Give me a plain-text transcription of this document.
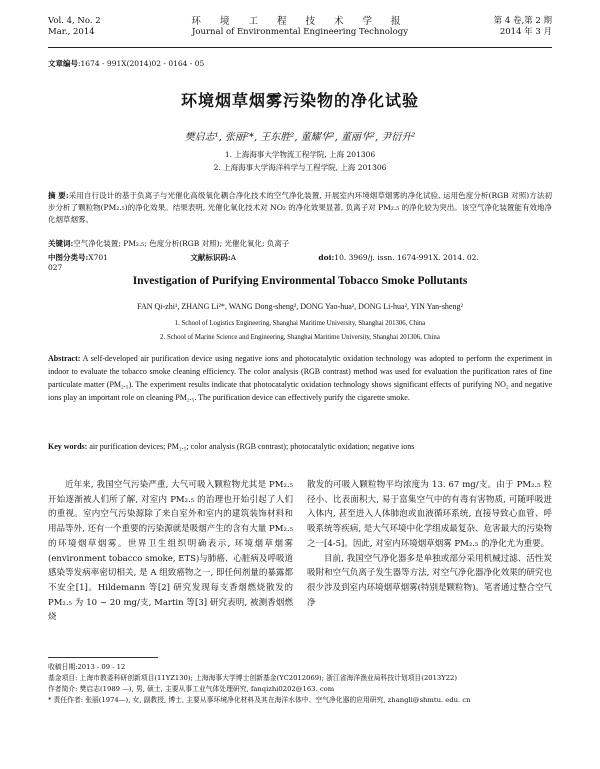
Vol. 4, No. 2
Mar., 2014
环 境 工 程 技 术 学 报
Journal of Environmental Engineering Technology
第 4 卷,第 2 期
2014 年 3 月
文章编号:1674 - 991X(2014)02 - 0164 - 05
环境烟草烟雾污染物的净化试验
樊启志¹, 张丽²*, 王东胜², 董耀华², 董丽华², 尹衍升²
1. 上海海事大学物流工程学院, 上海 201306
2. 上海海事大学海洋科学与工程学院, 上海 201306
摘 要:采用自行设计的基于负离子与光催化高级氧化耦合净化技术的空气净化装置, 开展室内环境烟草烟雾的净化试验, 运用色度分析(RGB 对照)方法初步分析了颗粒物(PM₂.₅)的净化效果。结果表明, 光催化氧化技术对 NO₂ 的净化效果显著, 负离子对 PM₂.₅ 的净化较为突出。该空气净化装置能有效地净化烟草烟雾。
关键词:空气净化装置; PM₂.₅; 色度分析(RGB 对照); 光催化氧化; 负离子
中图分类号:X701	文献标识码:A	doi:10. 3969/j. issn. 1674-991X. 2014. 02. 027
Investigation of Purifying Environmental Tobacco Smoke Pollutants
FAN Qi-zhi¹, ZHANG Li²*, WANG Dong-sheng², DONG Yao-hua², DONG Li-hua², YIN Yan-sheng²
1. School of Logistics Engineering, Shanghai Maritime University, Shanghai 201306, China
2. School of Marine Science and Engineering, Shanghai Maritime University, Shanghai 201306, China
Abstract: A self-developed air purification device using negative ions and photocatalytic oxidation technology was adopted to perform the experiment in indoor to evaluate the tobacco smoke cleaning efficiency. The color analysis (RGB contrast) method was used for evaluation the purification rates of fine particulate matter (PM₂.₅). The experiment results indicate that photocatalytic oxidation technology shows significant effects of purifying NO₂ and negative ions play an important role on cleaning PM₂.₅. The purification device can effectively purify the cigarette smoke.
Key words: air purification devices; PM₂.₅; color analysis (RGB contrast); photocatalytic oxidation; negative ions

近年来, 我国空气污染严重, 大气可吸入颗粒物尤其是 PM₂.₅ 开始逐渐被人们所了解, 对室内 PM₂.₅ 的治理也开始引起了人们的重视。室内空气污染源除了来自室外和室内的建筑装饰材料和用品等外, 还有一个重要的污染源就是吸烟产生的含有大量 PM₂.₅ 的环境烟草烟雾。世界卫生组织明确表示, 环境烟草烟雾(environment tobacco smoke, ETS)与肺癌、心脏病及呼吸道感染等发病率密切相关, 是 A 组致癌物之一, 即任何剂量的暴露都不安全[1]。Hildemann 等[2] 研究发现每支香烟燃烧散发的 PM₂.₅ 为 10 ~ 20 mg/支, Martin 等[3] 研究表明, 被测香烟燃烧

散发的可吸入颗粒物平均浓度为 13. 67 mg/支。由于 PM₂.₅ 粒径小、比表面积大, 易于富集空气中的有毒有害物质, 可随呼吸进入体内, 甚至进入人体肺泡或血液循环系统, 直接导致心血管、呼吸系统等疾病, 是大气环境中化学组成最复杂、危害最大的污染物之一[4-5]。因此, 对室内环境烟草烟雾 PM₂.₅ 的净化尤为重要。

目前, 我国空气净化器多是单独或部分采用机械过滤、活性炭吸附和空气负离子发生器等方法, 对空气净化器净化效果的研究也很少涉及到室内环境烟草烟雾(特别是颗粒物)。笔者通过整合空气净

收稿日期:2013 - 09 - 12
基金项目: 上海市教委科研创新项目(11YZ130); 上海海事大学博士创新基金(YC2012069); 浙江省海洋渔业局科技计划项目(2013Y22)
作者简介: 樊启志(1989 —), 男, 硕士, 主要从事工业气体处理研究, fanqizhi0202@163. com
* 责任作者: 张丽(1974—), 女, 副教授, 博士, 主要从事环境净化材料及其在海洋水体中、空气净化器的应用研究, zhangli@shmtu. edu. cn
